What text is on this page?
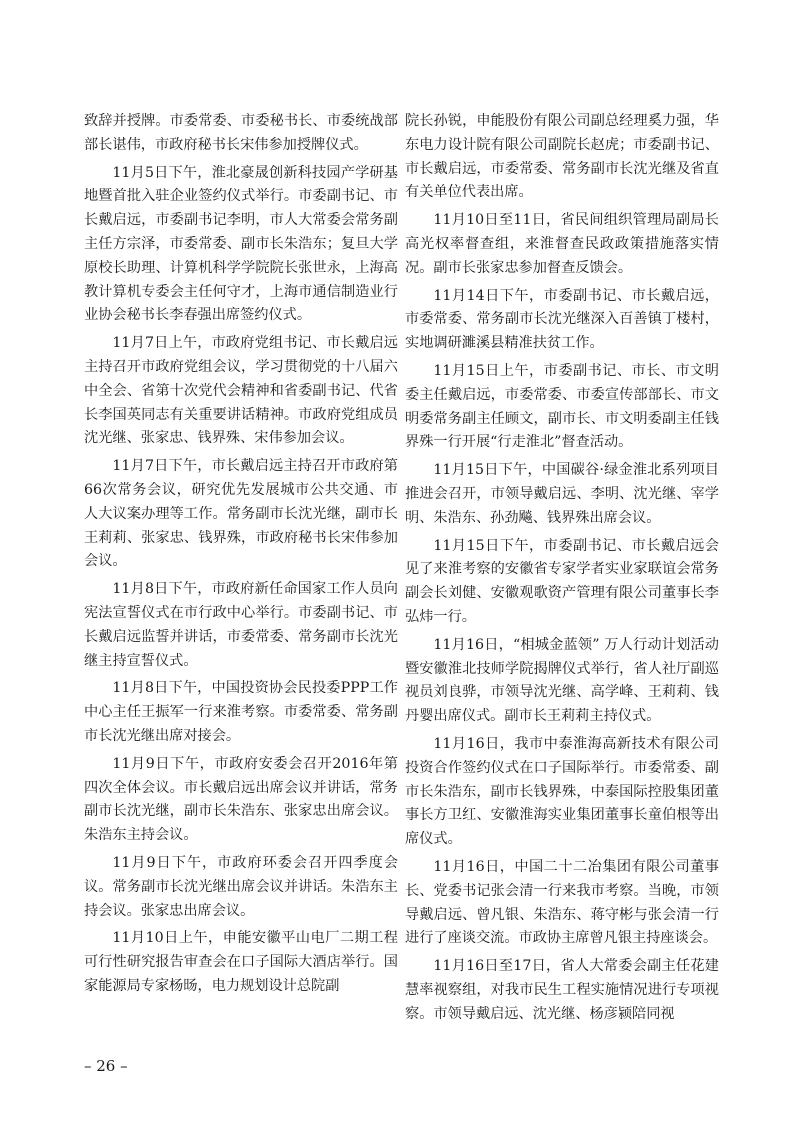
致辞并授牌。市委常委、市委秘书长、市委统战部部长谌伟，市政府秘书长宋伟参加授牌仪式。

11月5日下午，淮北豪晟创新科技园产学研基地暨首批入驻企业签约仪式举行。市委副书记、市长戴启远，市委副书记李明，市人大常委会常务副主任方宗泽，市委常委、副市长朱浩东；复旦大学原校长助理、计算机科学学院院长张世永，上海高教计算机专委会主任何守才，上海市通信制造业行业协会秘书长李春强出席签约仪式。

11月7日上午，市政府党组书记、市长戴启远主持召开市政府党组会议，学习贯彻党的十八届六中全会、省第十次党代会精神和省委副书记、代省长李国英同志有关重要讲话精神。市政府党组成员沈光继、张家忠、钱界殊、宋伟参加会议。

11月7日下午，市长戴启远主持召开市政府第66次常务会议，研究优先发展城市公共交通、市人大议案办理等工作。常务副市长沈光继，副市长王莉莉、张家忠、钱界殊，市政府秘书长宋伟参加会议。

11月8日下午，市政府新任命国家工作人员向宪法宣誓仪式在市行政中心举行。市委副书记、市长戴启远监誓并讲话，市委常委、常务副市长沈光继主持宣誓仪式。

11月8日下午，中国投资协会民投委PPP工作中心主任王振军一行来淮考察。市委常委、常务副市长沈光继出席对接会。

11月9日下午，市政府安委会召开2016年第四次全体会议。市长戴启远出席会议并讲话，常务副市长沈光继，副市长朱浩东、张家忠出席会议。朱浩东主持会议。

11月9日下午，市政府环委会召开四季度会议。常务副市长沈光继出席会议并讲话。朱浩东主持会议。张家忠出席会议。

11月10日上午，申能安徽平山电厂二期工程可行性研究报告审查会在口子国际大酒店举行。国家能源局专家杨旸，电力规划设计总院副

院长孙锐，申能股份有限公司副总经理奚力强，华东电力设计院有限公司副院长赵虎；市委副书记、市长戴启远，市委常委、常务副市长沈光继及省直有关单位代表出席。

11月10日至11日，省民间组织管理局副局长高光权率督查组，来淮督查民政政策措施落实情况。副市长张家忠参加督查反馈会。

11月14日下午，市委副书记、市长戴启远，市委常委、常务副市长沈光继深入百善镇丁楼村，实地调研濉溪县精准扶贫工作。

11月15日上午，市委副书记、市长、市文明委主任戴启远，市委常委、市委宣传部部长、市文明委常务副主任顾文，副市长、市文明委副主任钱界殊一行开展“行走淮北”督查活动。

11月15日下午，中国碳谷·绿金淮北系列项目推进会召开，市领导戴启远、李明、沈光继、宰学明、朱浩东、孙劲飚、钱界殊出席会议。

11月15日下午，市委副书记、市长戴启远会见了来淮考察的安徽省专家学者实业家联谊会常务副会长刘健、安徽观歌资产管理有限公司董事长李弘炜一行。

11月16日，“相城金蓝领” 万人行动计划活动暨安徽淮北技师学院揭牌仪式举行，省人社厅副巡视员刘良骅，市领导沈光继、高学峰、王莉莉、钱丹婴出席仪式。副市长王莉莉主持仪式。

11月16日，我市中泰淮海高新技术有限公司投资合作签约仪式在口子国际举行。市委常委、副市长朱浩东，副市长钱界殊，中泰国际控股集团董事长方卫红、安徽淮海实业集团董事长童伯根等出席仪式。

11月16日，中国二十二冶集团有限公司董事长、党委书记张会清一行来我市考察。当晚，市领导戴启远、曾凡银、朱浩东、蒋守彬与张会清一行进行了座谈交流。市政协主席曾凡银主持座谈会。

11月16日至17日，省人大常委会副主任花建慧率视察组，对我市民生工程实施情况进行专项视察。市领导戴启远、沈光继、杨彦颍陪同视

– 26 –
